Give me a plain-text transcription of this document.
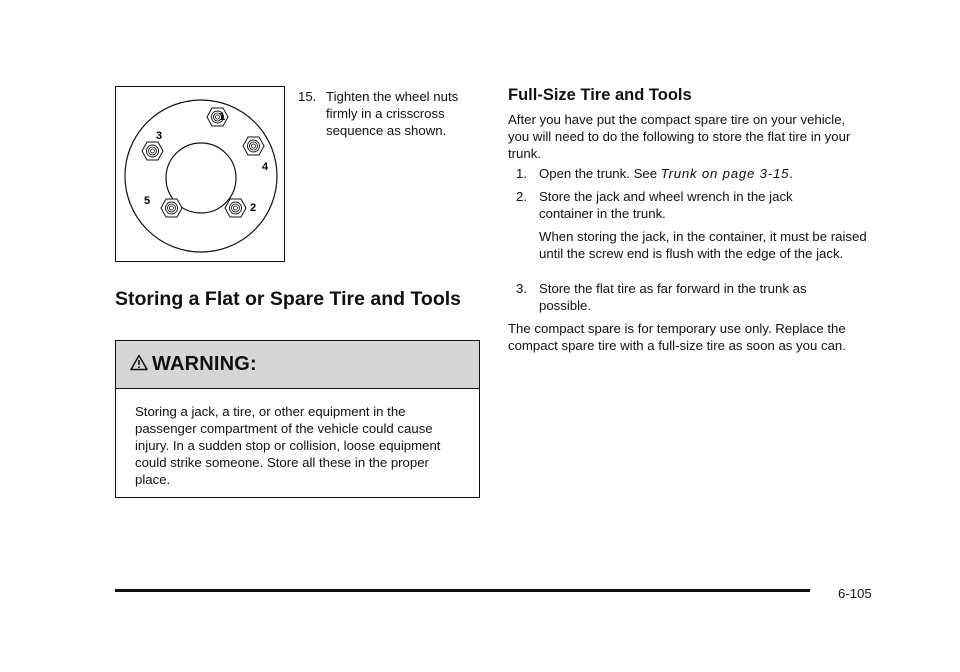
1
2
3
4
5
15. Tighten the wheel nuts firmly in a crisscross sequence as shown.
Storing a Flat or Spare Tire and Tools
WARNING:
Storing a jack, a tire, or other equipment in the passenger compartment of the vehicle could cause injury. In a sudden stop or collision, loose equipment could strike someone. Store all these in the proper place.
Full-Size Tire and Tools
After you have put the compact spare tire on your vehicle, you will need to do the following to store the flat tire in your trunk.
1. Open the trunk. See Trunk on page 3-15.
2. Store the jack and wheel wrench in the jack container in the trunk.
When storing the jack, in the container, it must be raised until the screw end is flush with the edge of the jack.
3. Store the flat tire as far forward in the trunk as possible.
The compact spare is for temporary use only. Replace the compact spare tire with a full-size tire as soon as you can.
6-105
